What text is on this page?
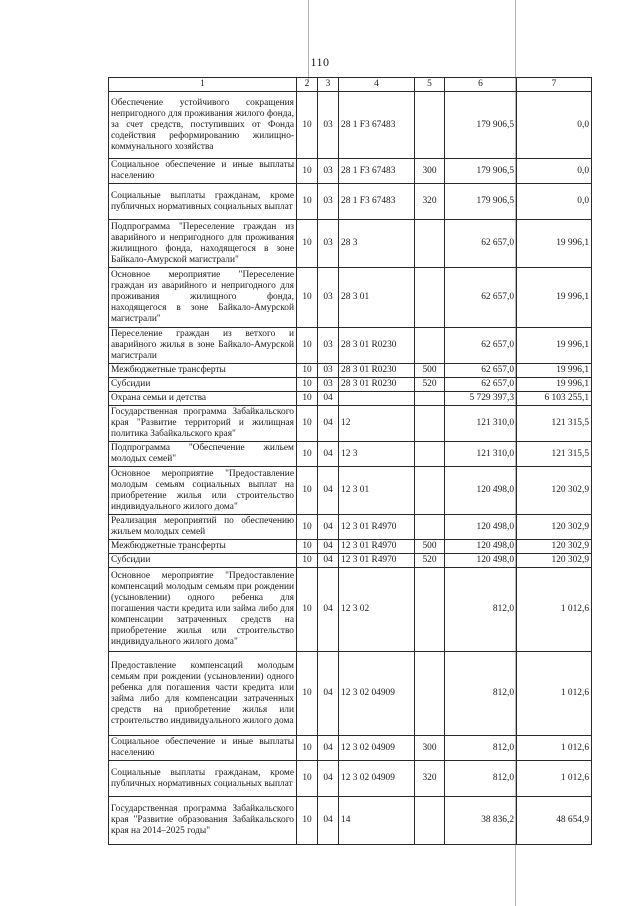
110
1	2	3	4	5	6	7
Обеспечение устойчивого сокращения непригодного для проживания жилого фонда, за счет средств, поступивших от Фонда содействия реформированию жилищно-коммунального хозяйства	10	03	28 1 F3 67483		179 906,5	0,0
Социальное обеспечение и иные выплаты населению	10	03	28 1 F3 67483	300	179 906,5	0,0
Социальные выплаты гражданам, кроме публичных нормативных социальных выплат	10	03	28 1 F3 67483	320	179 906,5	0,0
Подпрограмма "Переселение граждан из аварийного и непригодного для проживания жилищного фонда, находящегося в зоне Байкало-Амурской магистрали"	10	03	28 3		62 657,0	19 996,1
Основное мероприятие "Переселение граждан из аварийного и непригодного для проживания жилищного фонда, находящегося в зоне Байкало-Амурской магистрали"	10	03	28 3 01		62 657,0	19 996,1
Переселение граждан из ветхого и аварийного жилья в зоне Байкало-Амурской магистрали	10	03	28 3 01 R0230		62 657,0	19 996,1
Межбюджетные трансферты	10	03	28 3 01 R0230	500	62 657,0	19 996,1
Субсидии	10	03	28 3 01 R0230	520	62 657,0	19 996,1
Охрана семьи и детства	10	04			5 729 397,3	6 103 255,1
Государственная программа Забайкальского края "Развитие территорий и жилищная политика Забайкальского края"	10	04	12		121 310,0	121 315,5
Подпрограмма "Обеспечение жильем молодых семей"	10	04	12 3		121 310,0	121 315,5
Основное мероприятие "Предоставление молодым семьям социальных выплат на приобретение жилья или строительство индивидуального жилого дома"	10	04	12 3 01		120 498,0	120 302,9
Реализация мероприятий по обеспечению жильем молодых семей	10	04	12 3 01 R4970		120 498,0	120 302,9
Межбюджетные трансферты	10	04	12 3 01 R4970	500	120 498,0	120 302,9
Субсидии	10	04	12 3 01 R4970	520	120 498,0	120 302,9
Основное мероприятие "Предоставление компенсаций молодым семьям при рождении (усыновлении) одного ребенка для погашения части кредита или займа либо для компенсации затраченных средств на приобретение жилья или строительство индивидуального жилого дома"	10	04	12 3 02		812,0	1 012,6
Предоставление компенсаций молодым семьям при рождении (усыновлении) одного ребенка для погашения части кредита или займа либо для компенсации затраченных средств на приобретение жилья или строительство индивидуального жилого дома	10	04	12 3 02 04909		812,0	1 012,6
Социальное обеспечение и иные выплаты населению	10	04	12 3 02 04909	300	812,0	1 012,6
Социальные выплаты гражданам, кроме публичных нормативных социальных выплат	10	04	12 3 02 04909	320	812,0	1 012,6
Государственная программа Забайкальского края "Развитие образования Забайкальского края на 2014–2025 годы"	10	04	14		38 836,2	48 654,9
